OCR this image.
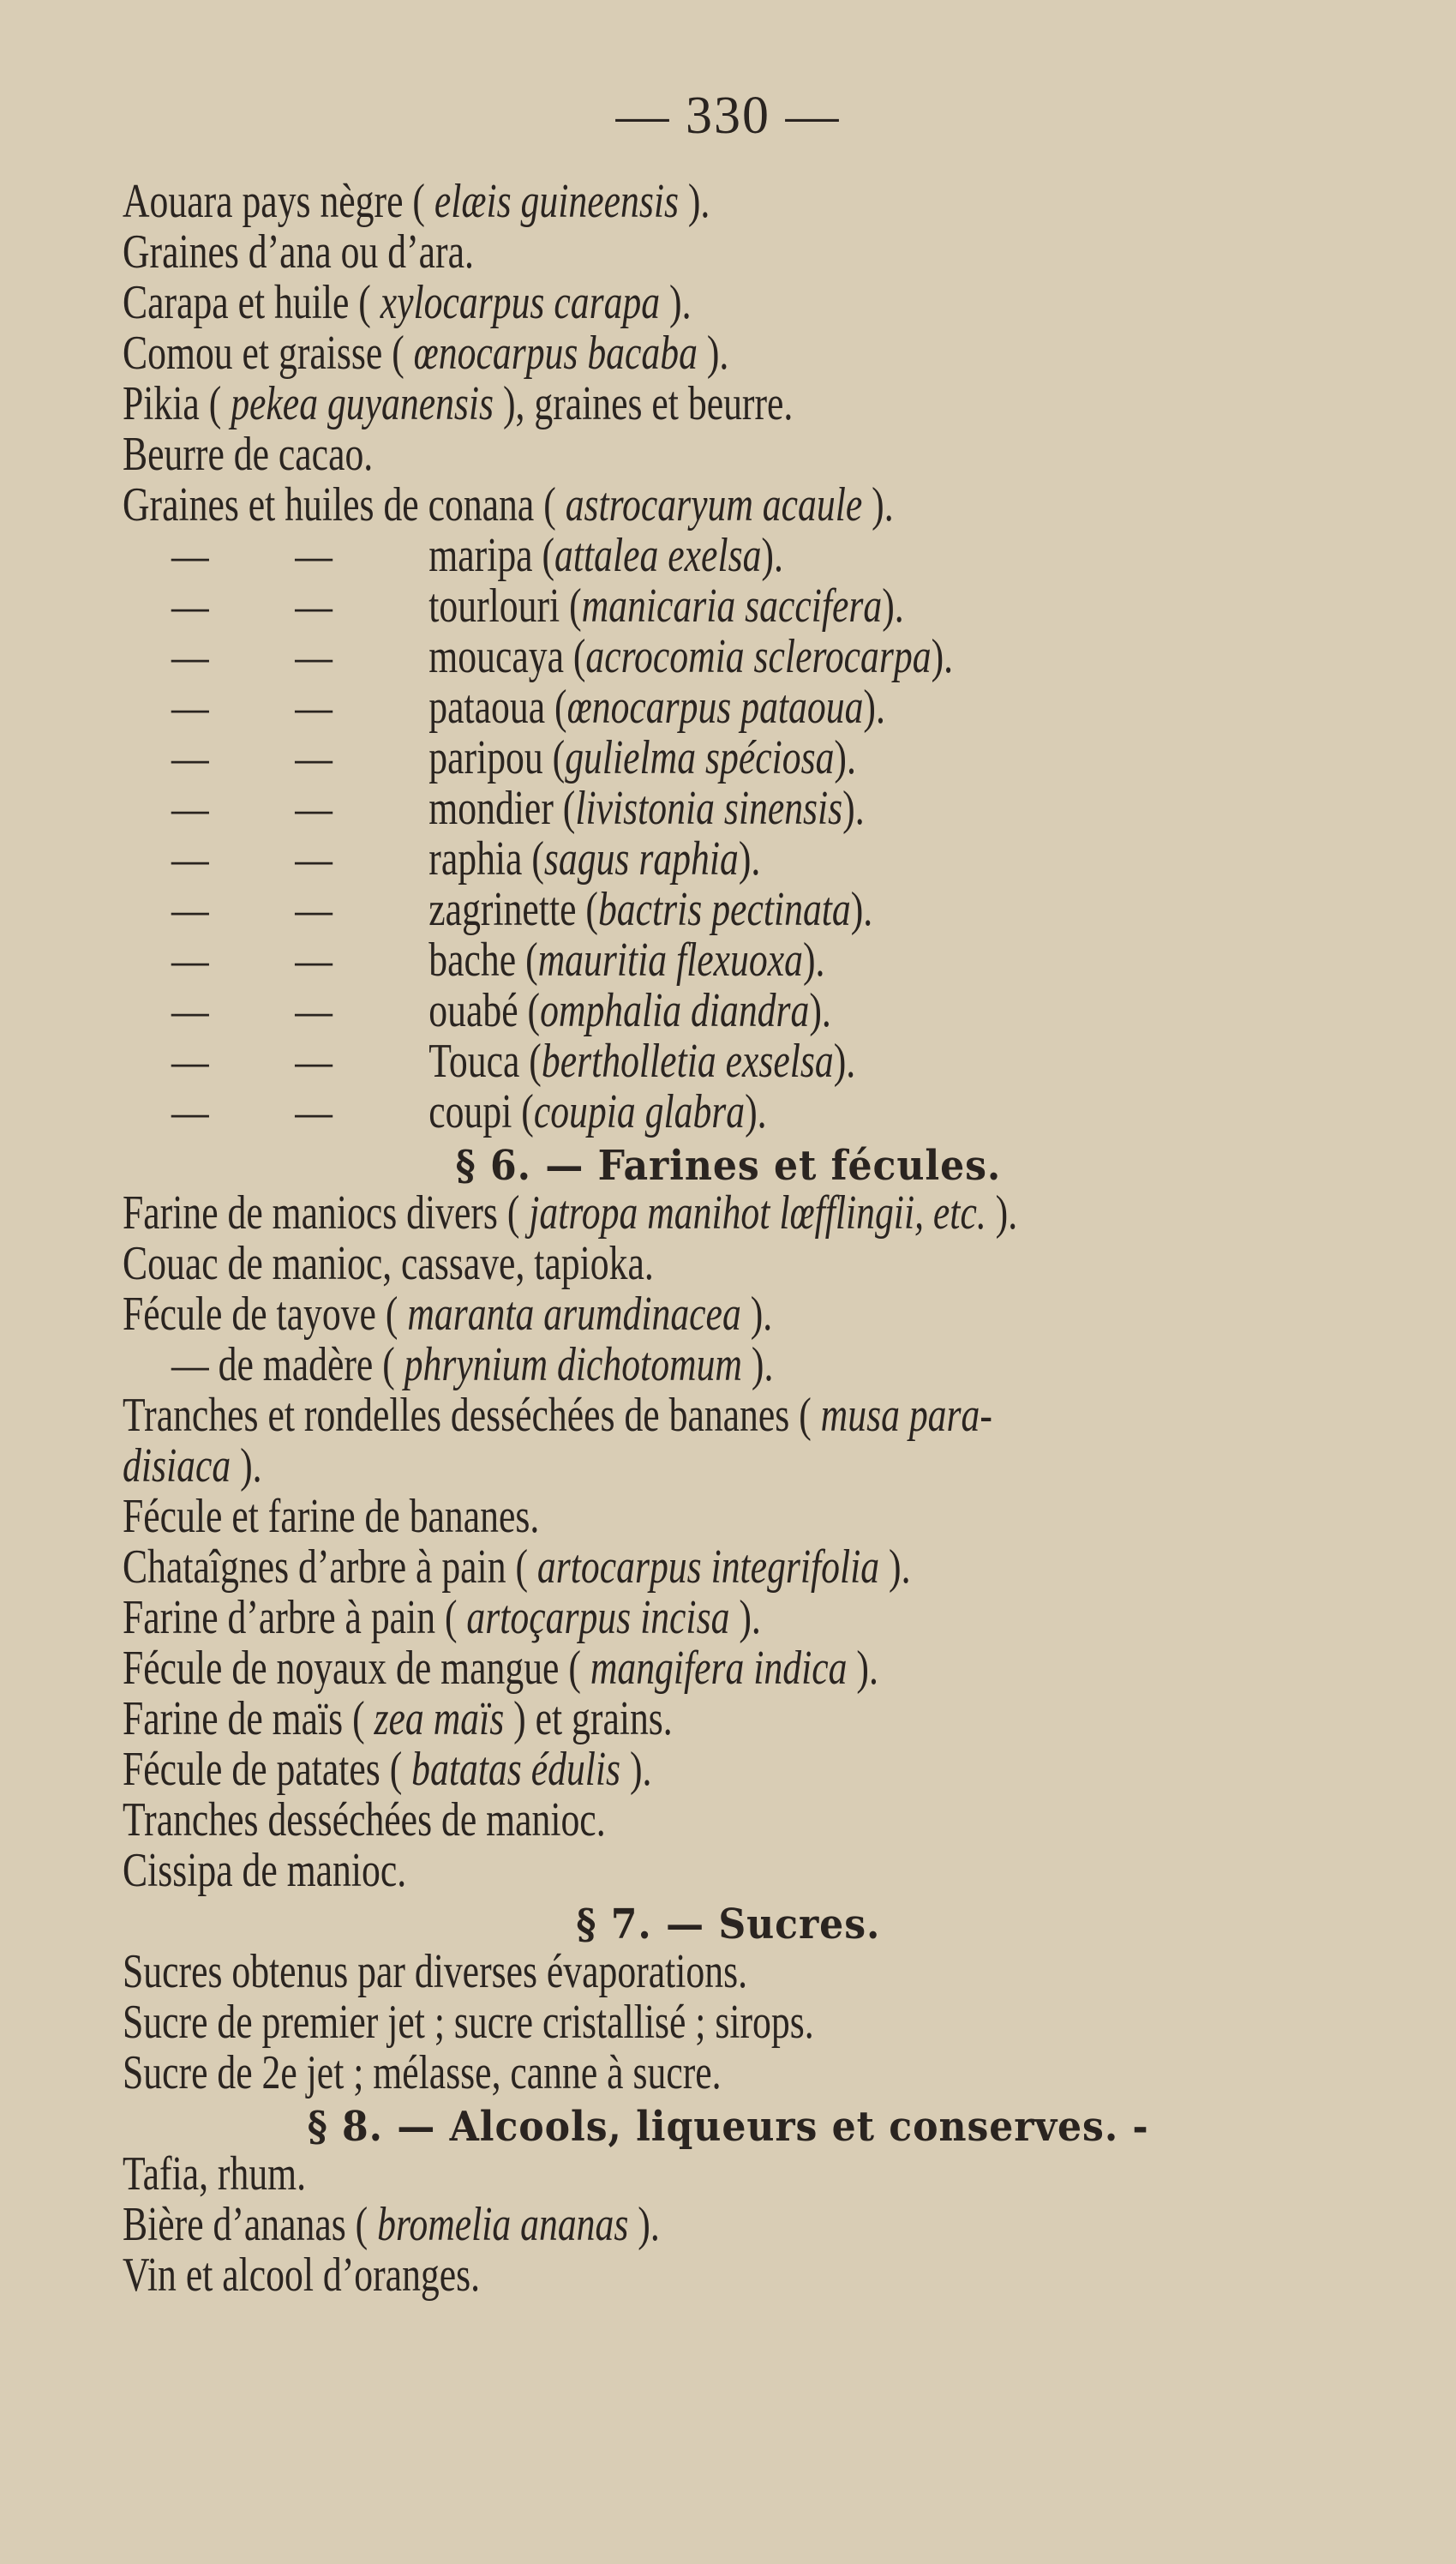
— 330 —
Aouara pays nègre ( elæis guineensis ).
Graines d’ana ou d’ara.
Carapa et huile ( xylocarpus carapa ).
Comou et graisse ( œnocarpus bacaba ).
Pikia ( pekea guyanensis ), graines et beurre.
Beurre de cacao.
Graines et huiles de conana ( astrocaryum acaule ).
— — maripa (attalea exelsa).
— — tourlouri (manicaria saccifera).
— — moucaya (acrocomia sclerocarpa).
— — pataoua (œnocarpus pataoua).
— — paripou (gulielma spéciosa).
— — mondier (livistonia sinensis).
— — raphia (sagus raphia).
— — zagrinette (bactris pectinata).
— — bache (mauritia flexuoxa).
— — ouabé (omphalia diandra).
— — Touca (bertholletia exselsa).
— — coupi (coupia glabra).
§ 6. — Farines et fécules.
Farine de maniocs divers ( jatropa manihot lœfflingii, etc. ).
Couac de manioc, cassave, tapioka.
Fécule de tayove ( maranta arumdinacea ).
— de madère ( phrynium dichotomum ).
Tranches et rondelles desséchées de bananes ( musa para-
disiaca ).
Fécule et farine de bananes.
Chataîgnes d’arbre à pain ( artocarpus integrifolia ).
Farine d’arbre à pain ( artoçarpus incisa ).
Fécule de noyaux de mangue ( mangifera indica ).
Farine de maïs ( zea maïs ) et grains.
Fécule de patates ( batatas édulis ).
Tranches desséchées de manioc.
Cissipa de manioc.
§ 7. — Sucres.
Sucres obtenus par diverses évaporations.
Sucre de premier jet ; sucre cristallisé ; sirops.
Sucre de 2e jet ; mélasse, canne à sucre.
§ 8. — Alcools, liqueurs et conserves. -
Tafia, rhum.
Bière d’ananas ( bromelia ananas ).
Vin et alcool d’oranges.
